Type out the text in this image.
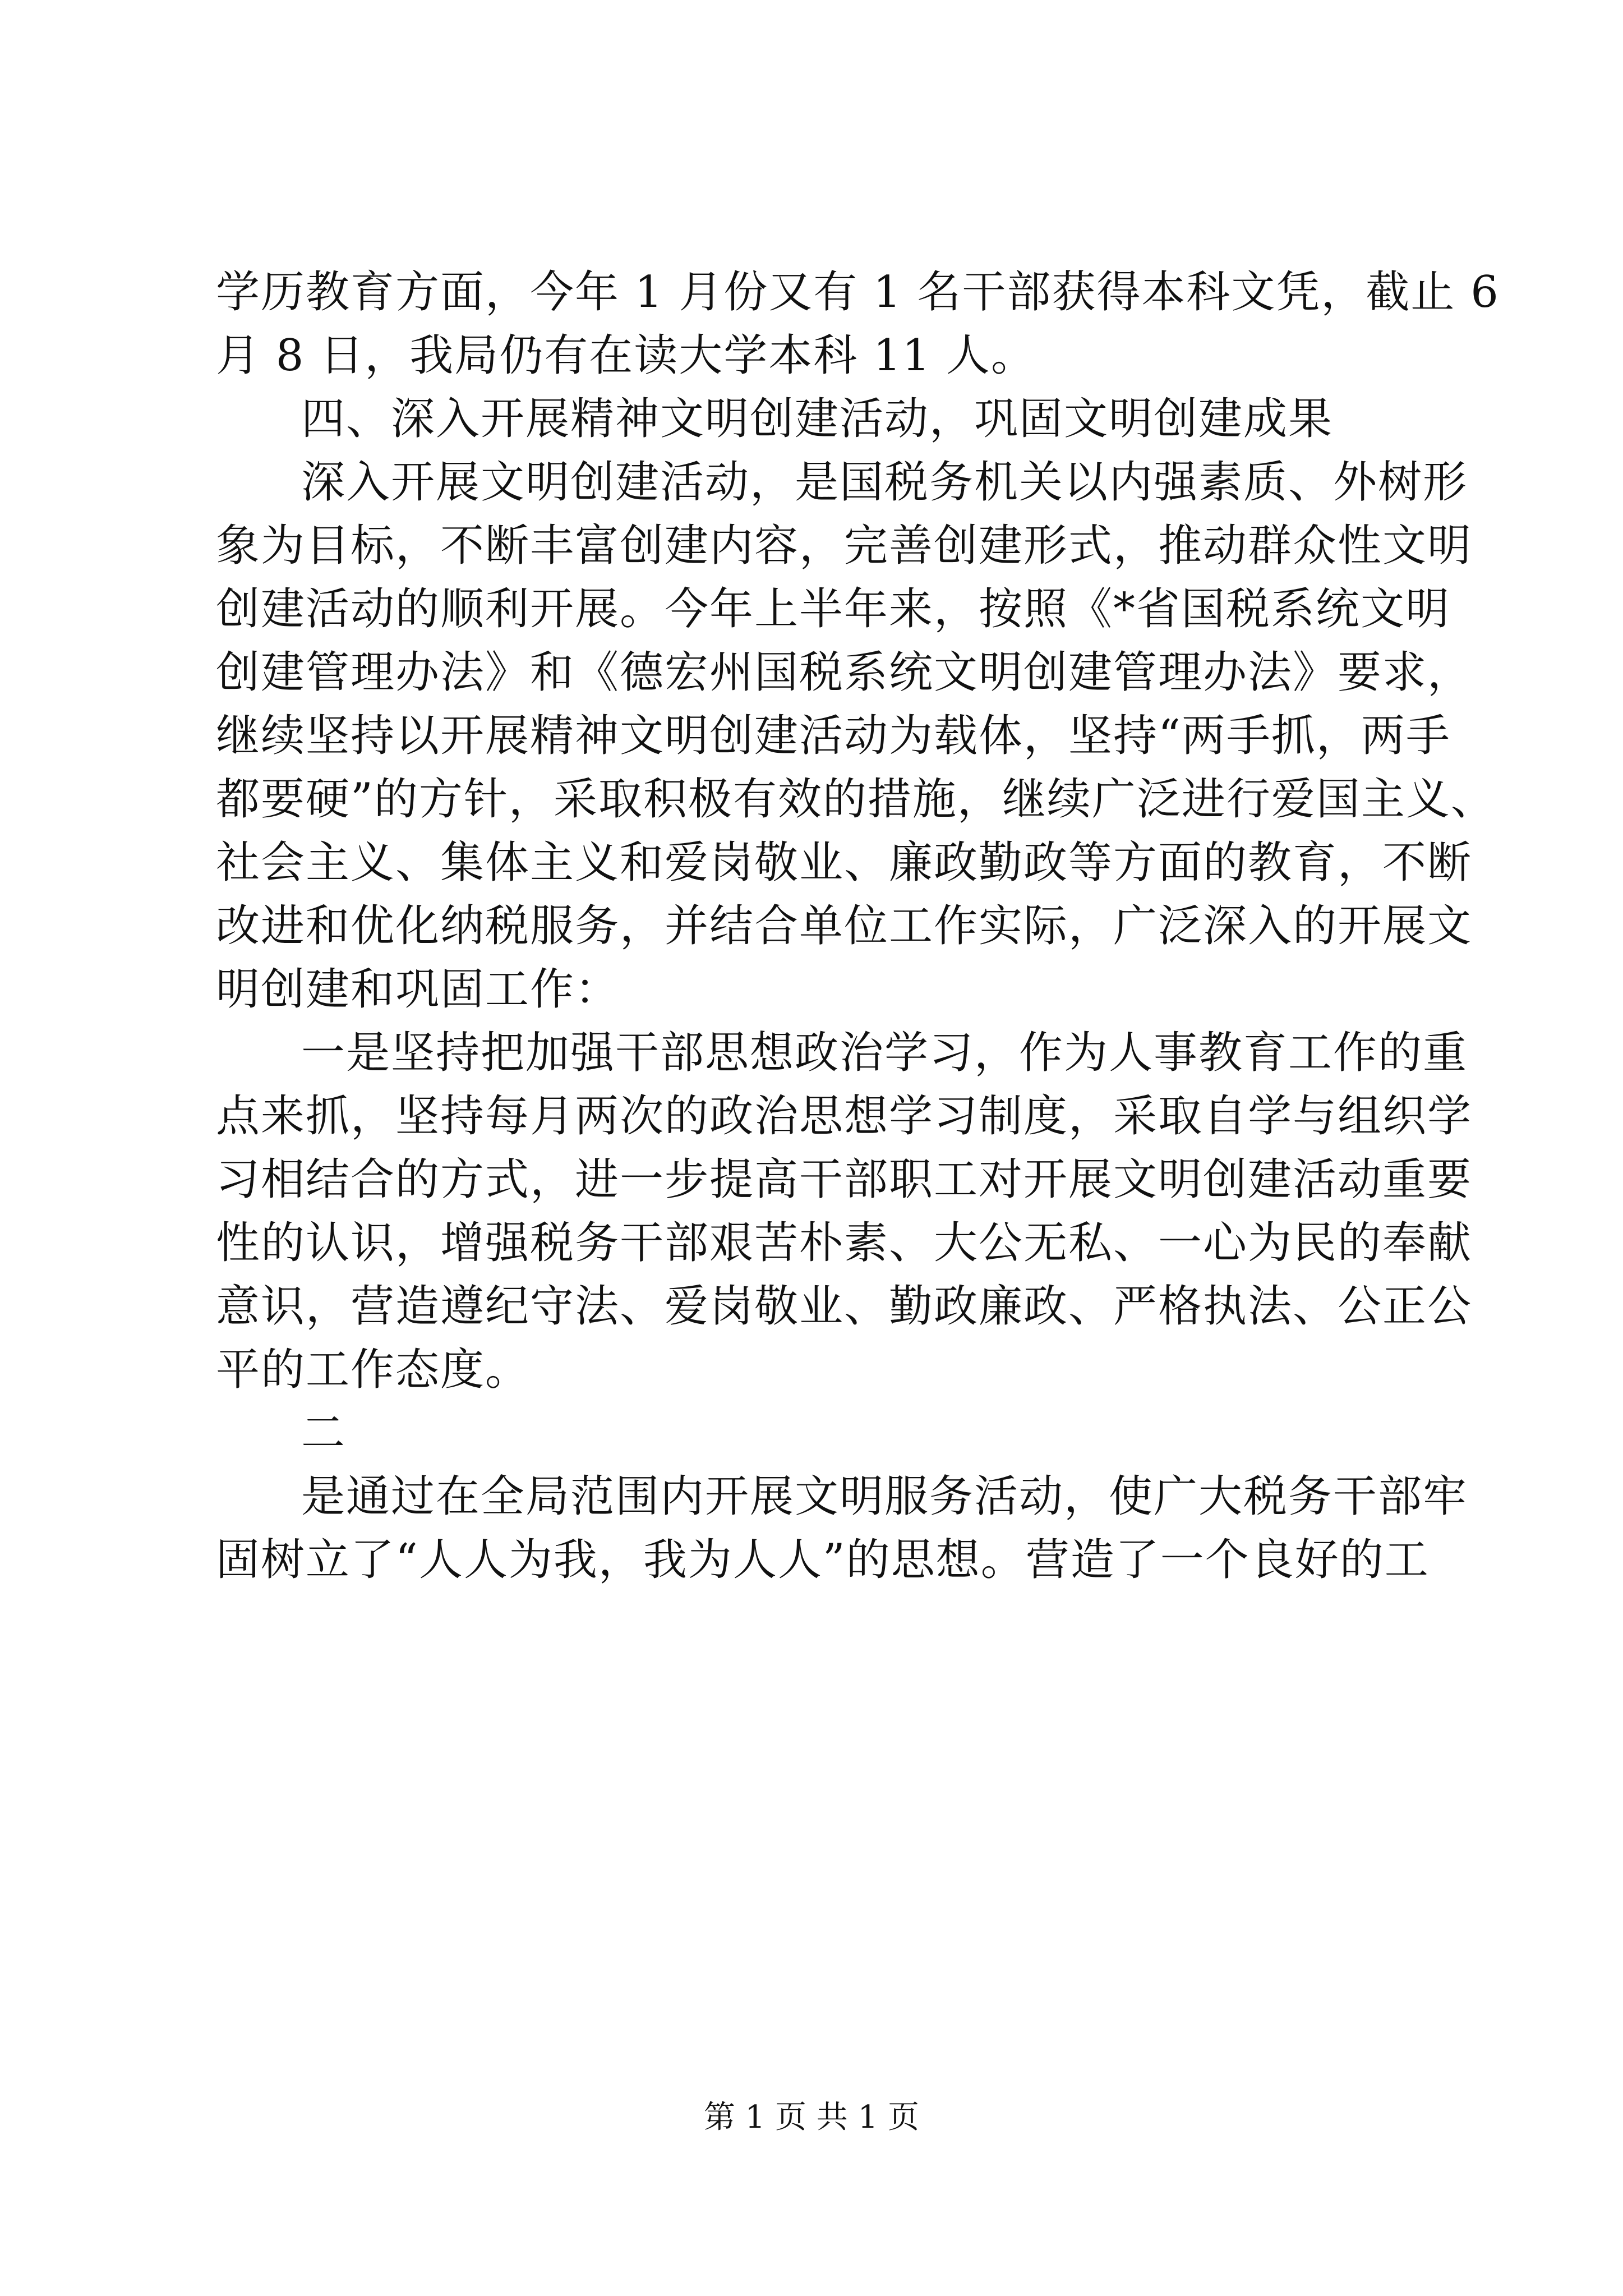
学历教育方面，今年 1 月份又有 1 名干部获得本科文凭，截止 6
月 8 日，我局仍有在读大学本科 11 人。
四、深入开展精神文明创建活动，巩固文明创建成果
深入开展文明创建活动，是国税务机关以内强素质、外树形
象为目标，不断丰富创建内容，完善创建形式，推动群众性文明
创建活动的顺利开展。今年上半年来，按照《*省国税系统文明
创建管理办法》和《德宏州国税系统文明创建管理办法》要求，
继续坚持以开展精神文明创建活动为载体，坚持“两手抓，两手
都要硬”的方针，采取积极有效的措施，继续广泛进行爱国主义、
社会主义、集体主义和爱岗敬业、廉政勤政等方面的教育，不断
改进和优化纳税服务，并结合单位工作实际，广泛深入的开展文
明创建和巩固工作：
一是坚持把加强干部思想政治学习，作为人事教育工作的重
点来抓，坚持每月两次的政治思想学习制度，采取自学与组织学
习相结合的方式，进一步提高干部职工对开展文明创建活动重要
性的认识，增强税务干部艰苦朴素、大公无私、一心为民的奉献
意识，营造遵纪守法、爱岗敬业、勤政廉政、严格执法、公正公
平的工作态度。
二
是通过在全局范围内开展文明服务活动，使广大税务干部牢
固树立了“人人为我，我为人人”的思想。营造了一个良好的工
第 1 页 共 1 页
